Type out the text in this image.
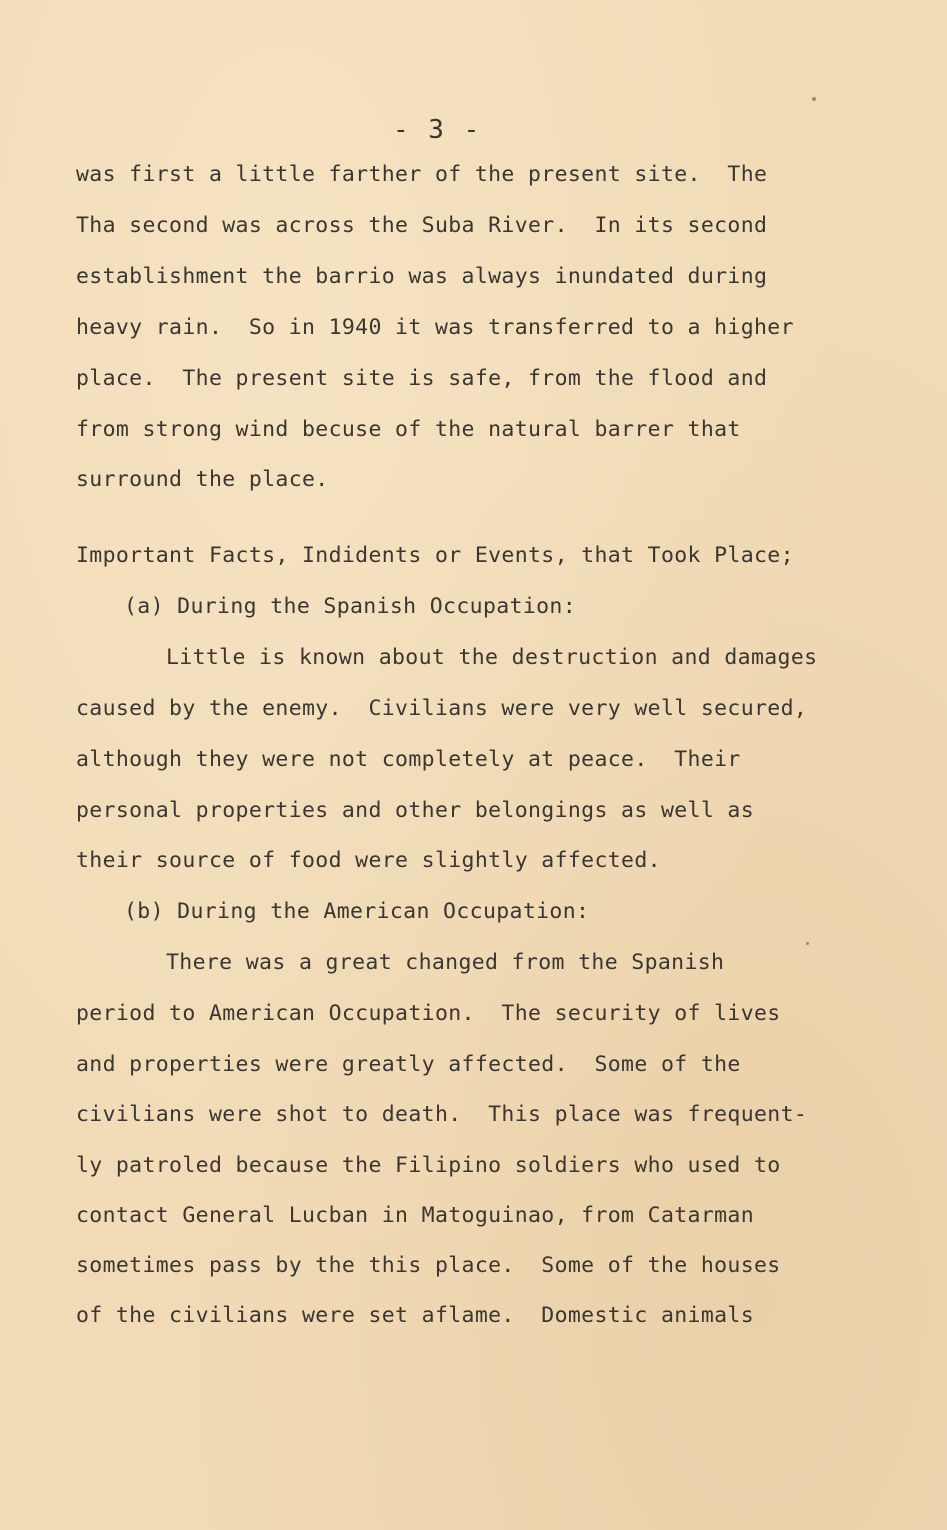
- 3 -
was first a little farther of the present site.  The
Tha second was across the Suba River.  In its second
establishment the barrio was always inundated during
heavy rain.  So in 1940 it was transferred to a higher
place.  The present site is safe, from the flood and
from strong wind becuse of the natural barrer that
surround the place.
Important Facts, Indidents or Events, that Took Place;
(a) During the Spanish Occupation:
Little is known about the destruction and damages
caused by the enemy.  Civilians were very well secured,
although they were not completely at peace.  Their
personal properties and other belongings as well as
their source of food were slightly affected.
(b) During the American Occupation:
There was a great changed from the Spanish
period to American Occupation.  The security of lives
and properties were greatly affected.  Some of the
civilians were shot to death.  This place was frequent-
ly patroled because the Filipino soldiers who used to
contact General Lucban in Matoguinao, from Catarman
sometimes pass by the this place.  Some of the houses
of the civilians were set aflame.  Domestic animals
